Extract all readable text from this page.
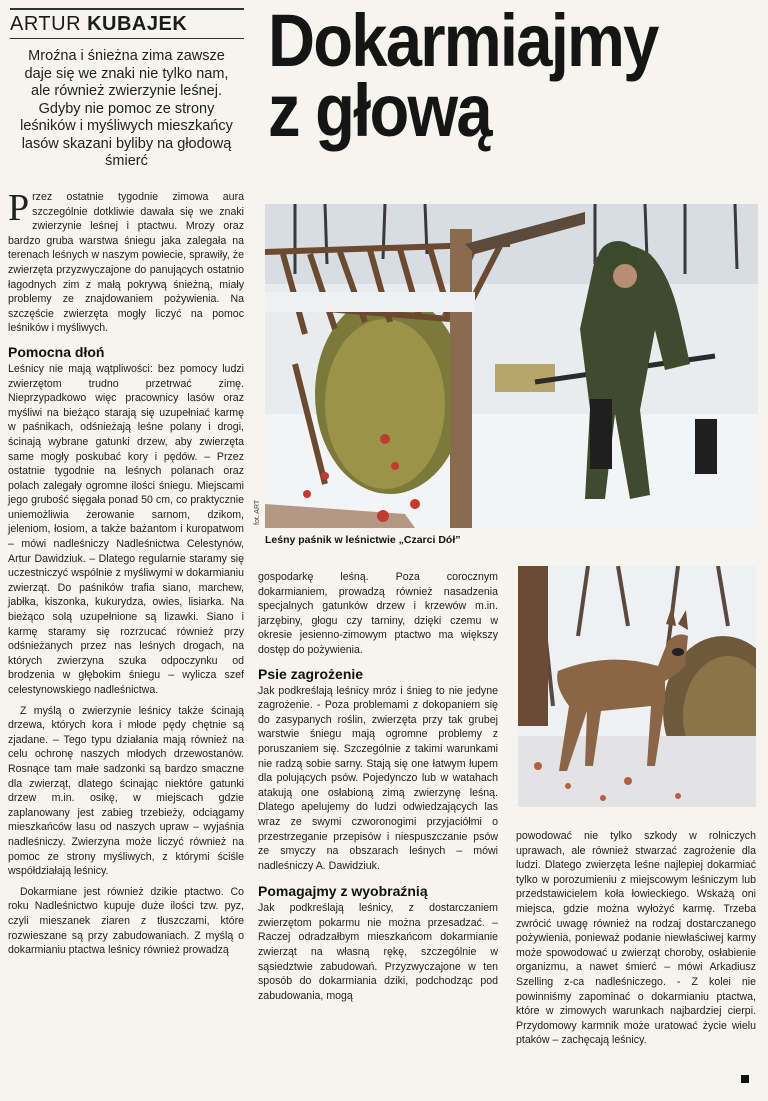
ARTUR KUBAJEK	Dokarmiajmy
z głową
Mroźna i śnieżna zima zawsze daje się we znaki nie tylko nam, ale również zwierzynie leśnej. Gdyby nie pomoc ze strony leśników i myśliwych mieszkańcy lasów skazani byliby na głodową śmierć
fot. ART
Leśny paśnik w leśnictwie „Czarci Dół”

P rzez ostatnie tygodnie zimowa aura szczególnie dotkliwie dawała się we znaki zwierzynie leśnej i ptactwu. Mrozy oraz bardzo gruba warstwa śniegu jaka zalegała na terenach leśnych w naszym powiecie, sprawiły, że zwierzęta przyzwyczajone do panujących ostatnio łagodnych zim z małą pokrywą śnieżną, miały problemy ze znajdowaniem pożywienia. Na szczęście zwierzęta mogły liczyć na pomoc leśników i myśliwych.

Pomocna dłoń

Leśnicy nie mają wątpliwości: bez pomocy ludzi zwierzętom trudno przetrwać zimę. Nieprzypadkowo więc pracownicy lasów oraz myśliwi na bieżąco starają się uzupełniać karmę w paśnikach, odśnieżają leśne polany i drogi, ścinają wybrane gatunki drzew, aby zwierzęta same mogły poskubać kory i pędów. – Przez ostatnie tygodnie na leśnych polanach oraz polach zalegały ogromne ilości śniegu. Miejscami jego grubość sięgała ponad 50 cm, co praktycznie uniemożliwia żerowanie sarnom, dzikom, jeleniom, łosiom, a także bażantom i kuropatwom – mówi nadleśniczy Nadleśnictwa Celestynów, Artur Dawidziuk. – Dlatego regularnie staramy się uczestniczyć wspólnie z myśliwymi w dokarmianiu zwierząt. Do paśników trafia siano, marchew, jabłka, kiszonka, kukurydza, owies, lisiarka. Na bieżąco solą uzupełnione są lizawki. Siano i karmę staramy się rozrzucać również przy odśnieżanych przez nas leśnych drogach, na których zwierzyna szuka odpoczynku od brodzenia w głębokim śniegu – wylicza szef celestynowskiego nadleśnictwa.

Z myślą o zwierzynie leśnicy także ścinają drzewa, których kora i młode pędy chętnie są zjadane. – Tego typu działania mają również na celu ochronę naszych młodych drzewostanów. Rosnące tam małe sadzonki są bardzo smaczne dla zwierząt, dlatego ścinając niektóre gatunki drzew m.in. osikę, w miejscach gdzie zaplanowany jest zabieg trzebieży, odciągamy mieszkańców lasu od naszych upraw – wyjaśnia nadleśniczy. Zwierzyna może liczyć również na pomoc ze strony myśliwych, z którymi ściśle współdziałają leśnicy.

Dokarmiane jest również dzikie ptactwo. Co roku Nadleśnictwo kupuje duże ilości tzw. pyz, czyli mieszanek ziaren z tłuszczami, które rozwieszane są przy zabudowaniach. Z myślą o dokarmianiu ptactwa leśnicy również prowadzą

gospodarkę leśną. Poza corocznym dokarmianiem, prowadzą również nasadzenia specjalnych gatunków drzew i krzewów m.in. jarzębiny, głogu czy tarniny, dzięki czemu w okresie jesienno-zimowym ptactwo ma większy dostęp do pożywienia.

Psie zagrożenie

Jak podkreślają leśnicy mróz i śnieg to nie jedyne zagrożenie. - Poza problemami z dokopaniem się do zasypanych roślin, zwierzęta przy tak grubej warstwie śniegu mają ogromne problemy z poruszaniem się. Szczególnie z takimi warunkami nie radzą sobie sarny. Stają się one łatwym łupem dla polujących psów. Pojedynczo lub w watahach atakują one osłabioną zimą zwierzynę leśną. Dlatego apelujemy do ludzi odwiedzających las wraz ze swymi czworonogimi przyjaciółmi o przestrzeganie przepisów i niespuszczanie psów ze smyczy na obszarach leśnych – mówi nadleśniczy A. Dawidziuk.

Pomagajmy z wyobraźnią

Jak podkreślają leśnicy, z dostarczaniem zwierzętom pokarmu nie można przesadzać. – Raczej odradzałbym mieszkańcom dokarmianie zwierząt na własną rękę, szczególnie w sąsiedztwie zabudowań. Przyzwyczajone w ten sposób do dokarmiania dziki, podchodząc pod zabudowania, mogą

powodować nie tylko szkody w rolniczych uprawach, ale również stwarzać zagrożenie dla ludzi. Dlatego zwierzęta leśne najlepiej dokarmiać tylko w porozumieniu z miejscowym leśniczym lub przedstawicielem koła łowieckiego. Wskażą oni miejsca, gdzie można wyłożyć karmę. Trzeba zwrócić uwagę również na rodzaj dostarczanego pożywienia, ponieważ podanie niewłaściwej karmy może spowodować u zwierząt choroby, osłabienie organizmu, a nawet śmierć – mówi Arkadiusz Szelling z-ca nadleśniczego. - Z kolei nie powinniśmy zapominać o dokarmianiu ptactwa, które w zimowych warunkach najbardziej cierpi. Przydomowy karmnik może uratować życie wielu ptaków – zachęcają leśnicy.
